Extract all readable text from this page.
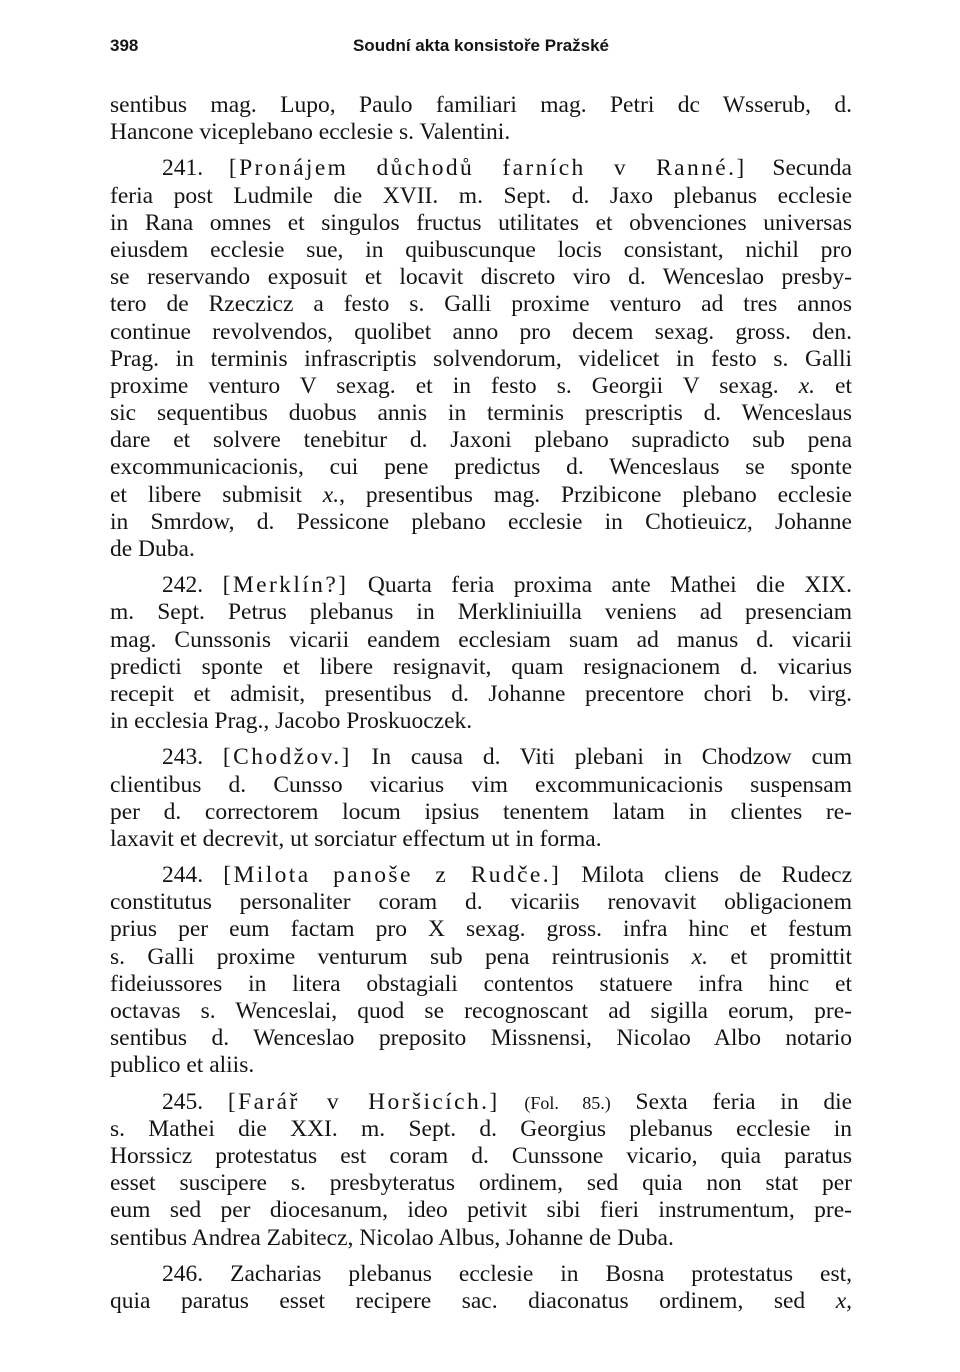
398	Soudní akta konsistoře Pražské
sentibus mag. Lupo, Paulo familiari mag. Petri dc Wsserub, d.
Hancone viceplebano ecclesie s. Valentini.
241. [Pronájem důchodů farních v Ranné.] Secunda
feria post Ludmile die XVII. m. Sept. d. Jaxo plebanus ecclesie
in Rana omnes et singulos fructus utilitates et obvenciones universas
eiusdem ecclesie sue, in quibuscunque locis consistant, nichil pro
se reservando exposuit et locavit discreto viro d. Wenceslao presby-
tero de Rzeczicz a festo s. Galli proxime venturo ad tres annos
continue revolvendos, quolibet anno pro decem sexag. gross. den.
Prag. in terminis infrascriptis solvendorum, videlicet in festo s. Galli
proxime venturo V sexag. et in festo s. Georgii V sexag. x. et
sic sequentibus duobus annis in terminis prescriptis d. Wenceslaus
dare et solvere tenebitur d. Jaxoni plebano supradicto sub pena
excommunicacionis, cui pene predictus d. Wenceslaus se sponte
et libere submisit x., presentibus mag. Przibicone plebano ecclesie
in Smrdow, d. Pessicone plebano ecclesie in Chotieuicz, Johanne
de Duba.
242. [Merklín?] Quarta feria proxima ante Mathei die XIX.
m. Sept. Petrus plebanus in Merkliniuilla veniens ad presenciam
mag. Cunssonis vicarii eandem ecclesiam suam ad manus d. vicarii
predicti sponte et libere resignavit, quam resignacionem d. vicarius
recepit et admisit, presentibus d. Johanne precentore chori b. virg.
in ecclesia Prag., Jacobo Proskuoczek.
243. [Chodžov.] In causa d. Viti plebani in Chodzow cum
clientibus d. Cunsso vicarius vim excommunicacionis suspensam
per d. correctorem locum ipsius tenentem latam in clientes re-
laxavit et decrevit, ut sorciatur effectum ut in forma.
244. [Milota panoše z Rudče.] Milota cliens de Rudecz
constitutus personaliter coram d. vicariis renovavit obligacionem
prius per eum factam pro X sexag. gross. infra hinc et festum
s. Galli proxime venturum sub pena reintrusionis x. et promittit
fideiussores in litera obstagiali contentos statuere infra hinc et
octavas s. Wenceslai, quod se recognoscant ad sigilla eorum, pre-
sentibus d. Wenceslao preposito Missnensi, Nicolao Albo notario
publico et aliis.
245. [Farář v Horšicích.] (Fol. 85.) Sexta feria in die
s. Mathei die XXI. m. Sept. d. Georgius plebanus ecclesie in
Horssicz protestatus est coram d. Cunssone vicario, quia paratus
esset suscipere s. presbyteratus ordinem, sed quia non stat per
eum sed per diocesanum, ideo petivit sibi fieri instrumentum, pre-
sentibus Andrea Zabitecz, Nicolao Albus, Johanne de Duba.
246. Zacharias plebanus ecclesie in Bosna protestatus est,
quia paratus esset recipere sac. diaconatus ordinem, sed x,
